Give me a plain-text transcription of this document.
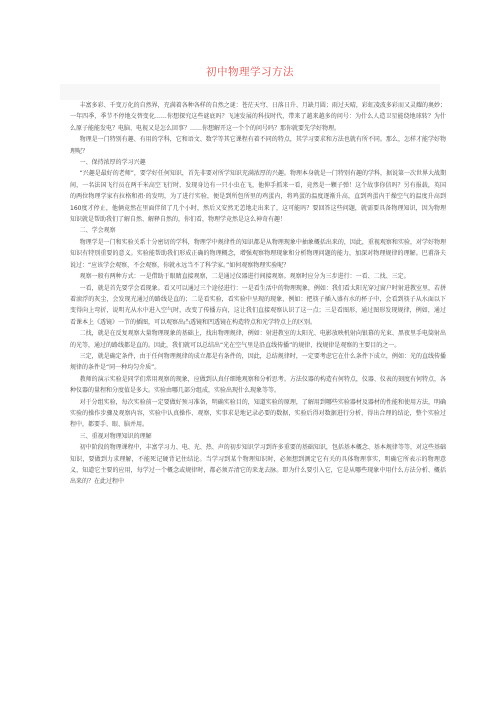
初中物理学习方法

丰富多彩、千变万化的自然界，充满着各种各样的自然之谜：苍茫天穹、日落日升、月缺月圆；雨过天晴，彩虹凌波多彩而又灵耀的奥妙；一年四季，季节不停地交替变化……你想探究这些谜底吗？飞速发展的科技时代，带来了越来越多的问号：为什么人造卫星能绕地球转？为什么原子能能发电？电脑、电视又是怎么回事？……你想解开这一个个的问号吗？那你就要先学好物理。

物理是一门特别有趣、有用的学科，它和语文、数学等其它课程有着不同的特点，其学习要求和方法也就有所不同。那么，怎样才能学好物理呢？

一、保持浓厚的学习兴趣

“兴趣是最好的老师”，要学好任何知识，首先非要对所学知识充满浓厚的兴趣。物理本身就是一门特别有趣的学科，据说第一次世界大战期间，一名法国飞行员在两千米高空飞行时，发现身边有一只小虫在飞，他伸手抓来一看，竟然是一颗子弹！这个故事你信吗？另有报载，英国的两位物理学家有拉格和祖·的发明，为了进行实验，便是到所包所里的鸡蛋内，将鸡蛋的温度逐渐升高，直到鸡蛋内干燥空气的温度升高到160度才停止，他俩竟然在里面伴留了几个小时，然后又安然无恙地走出来了，这可能吗？要回答这些问题，就需要具备物理知识，因为物理知识就是帮助我们了解自然、解释自然的，你们看，物理学竟然是这么神奇有趣！

二、学会观察

物理学是一门和实验关系十分密切的学科，物理学中规律性的知识都是从物理现象中抽象概括出来的，因此，重视观察和实验，对学好物理知识有特别重要的意义。实验能帮助我们形成正确的物理概念，增强观察物理现象和分析物理问题的能力，加深对物理规律的理解。巴甫洛夫说过：“应该学会观察，不会观察，你就永远当不了科学家。”如何观察物理实验呢？

观察一般有两种方式：一是借助于眼睛直接观察，二是通过仪器进行间接观察。观察时应分为三步进行：一看、二找、三定。

一看，就是首先要学会看现象。看又可以通过三个途径进行：一是看生活中的物理现象，例如：我们看太阳光穿过窗户时射进教室里，若拼着滚浮的灰尘，会发现光通过的路线是直的；二是看实验，看实验中呈现的现象，例如：把筷子插入盛有水的杯子中，会看到筷子从水面以下变得向上弯折，说明光从水中进入空气时，改变了传播方向，这让我们直接观察认识了这一点；三是看图形，通过图形发现规律，例如，通过看课本上《透镜》一节的插图，可以观察出凸透镜和凹透镜在构造特点和光学特点上的区别。

二找，就是在反复观察大量物理现象的基础上，找出物理规律，例如：射进教室的太阳光、电影放映机射向银幕的光束、黑夜里手电筒射出的光等，通过的路线都是直的。因此，我们就可以总结出“光在空气里是沿直线传播”的规律，找规律是观察的主要目的之一。

三定，就是确定条件，由于任何物理规律的成立都是有条件的，因此，总结规律时，一定要考虑它在什么条件下成立，例如：光的直线传播规律的条件是“同一种均匀介质”。

教师的演示实验是同学们常用观察的现象，应做到认真仔细地观察和分析思考。方法仪器的构造有何特点，仪器、仪表的刻度有何特点，各种仪器的量程和分度值是多大。实验由哪几部分组成，实验出现什么现象等等。

对于分组实验，每次实验前一定要做好预习准备，明确实验目的，知道实验的原理，了解用到哪些实验器材及器材的性能和使用方法，明确实验的操作步骤及观察内容，实验中认真操作、观察，实事求是地记录必要的数据，实验后得对数据进行分析，得出合理的结论，整个实验过程中，都要手、眼、脑并用。

三、重视对物理知识的理解

初中阶段的物理课程中，丰富学习力、电、光、热、声的初步知识学习到许多重要的基础知识，包括基本概念、基本规律等等，对这些基础知识，要做到力求理解，不能死记硬背记住结论。当学习到某个物理知识时，必须想到测定它有关的具体物理事实，明确它所表示的物理意义，知道它主要的应用，每学过一个概念或规律时，都必须弄清它的来龙去脉。即为什么要引入它，它是从哪些现象中用什么方法分析、概括出来的？在此过程中
